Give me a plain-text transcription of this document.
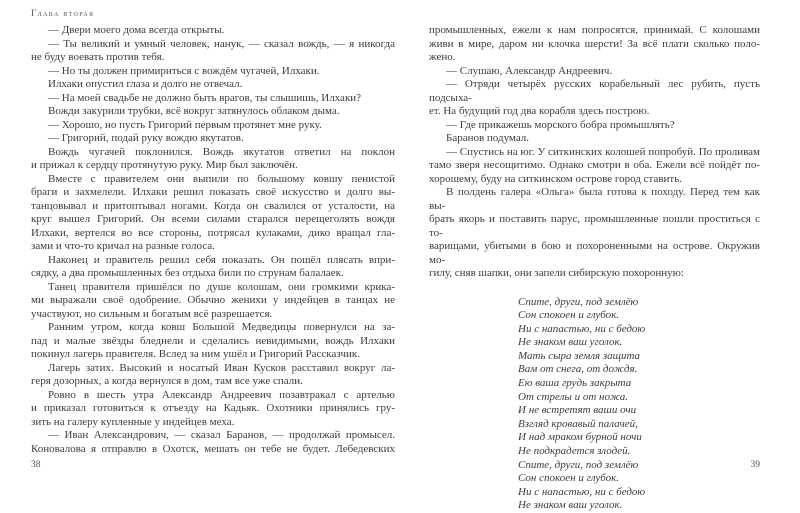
Глава вторая
— Двери моего дома всегда открыты.
— Ты великий и умный человек, нанук, — сказал вождь, — я никогда
не буду воевать против тебя.
— Но ты должен примириться с вождём чугачей, Илхаки.
Илхаки опустил глаза и долго не отвечал.
— На моей свадьбе не должно быть врагов, ты слышишь, Илхаки?
Вожди закурили трубки, всё вокруг затянулось облаком дыма.
— Хорошо, но пусть Григорий первым протянет мне руку.
— Григорий, подай руку вождю якутатов.
Вождь чугачей поклонился. Вождь якутатов ответил на поклон
и прижал к сердцу протянутую руку. Мир был заключён.
Вместе с правителем они выпили по большому ковшу пенистой
браги и захмелели. Илхаки решил показать своё искусство и долго вы-
танцовывал и притоптывал ногами. Когда он свалился от усталости, на
круг вышел Григорий. Он всеми силами старался перещеголять вождя
Илхаки, вертелся во все стороны, потрясал кулаками, дико вращал гла-
зами и что-то кричал на разные голоса.
Наконец и правитель решил себя показать. Он пошёл плясать впри-
сядку, а два промышленных без отдыха били по струнам балалаек.
Танец правителя пришёлся по душе колошам, они громкими крика-
ми выражали своё одобрение. Обычно женихи у индейцев в танцах не
участвуют, но сильным и богатым всё разрешается.
Ранним утром, когда ковш Большой Медведицы повернулся на за-
пад и малые звёзды бледнели и сделались невидимыми, вождь Илхаки
покинул лагерь правителя. Вслед за ним ушёл и Григорий Рассказчик.
Лагерь затих. Высокий и носатый Иван Кусков расставил вокруг ла-
геря дозорных, а когда вернулся в дом, там все уже спали.
Ровно в шесть утра Александр Андреевич позавтракал с артелью
и приказал готовиться к отъезду на Кадьяк. Охотники принялись гру-
зить на галеру купленные у индейцев меха.
— Иван Александрович, — сказал Баранов, — продолжай промысел.
Коновалова я отправлю в Охотск, мешать он тебе не будет. Лебедевских
промышленных, ежели к нам попросятся, принимай. С колошами
живи в мире, даром ни клочка шерсти! За всё плати сколько поло-
жено.
— Слушаю, Александр Андреевич.
— Отряди четырёх русских корабельный лес рубить, пусть подсыха-
ет. На будущий год два корабля здесь построю.
— Где прикажешь морского бобра промышлять?
Баранов подумал.
— Спустись на юг. У ситкинских колошей попробуй. По проливам
тамо зверя несощитимо. Однако смотри в оба. Ежели всё пойдёт по-
хорошему, буду на ситкинском острове город ставить.
В полдень галера «Ольга» была готова к походу. Перед тем как вы-
брать якорь и поставить парус, промышленные пошли проститься с то-
варищами, убитыми в бою и похороненными на острове. Окружив мо-
гилу, сняв шапки, они запели сибирскую похоронную:
Спите, други, под землёю
Сон спокоен и глубок.
Ни с напастью, ни с бедою
Не знаком ваш уголок.
Мать сыра земля защита
Вам от снега, от дождя.
Ею ваша грудь закрыта
От стрелы и от ножа.
И не встретят ваши очи
Взгляд кровавый палачей,
И над мраком бурной ночи
Не подкрадется злодей.
Спите, други, под землёю
Сон спокоен и глубок.
Ни с напастью, ни с бедою
Не знаком ваш уголок.
38	39
